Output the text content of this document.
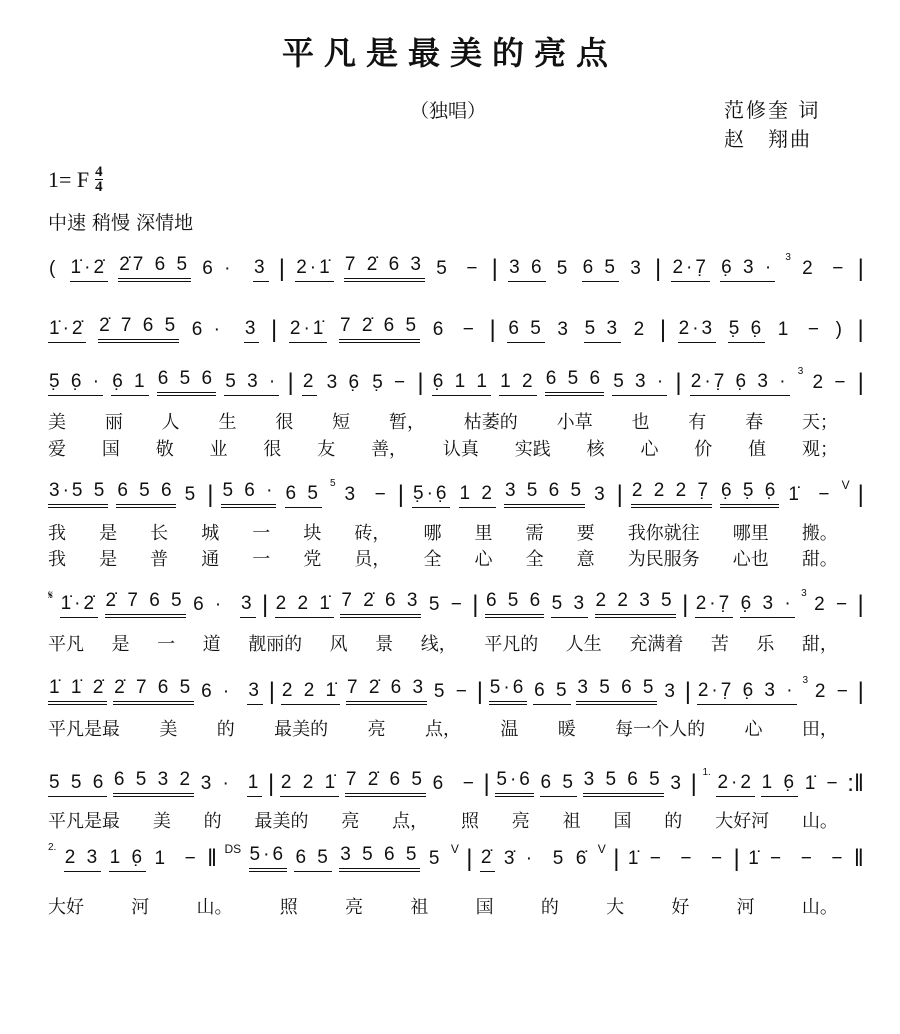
平凡是最美的亮点
（独唱）	范修奎 词
赵　翔曲
1= F 4
4
中速 稍慢 深情地
( 1̇·2̇ 2̇7 6 5 6 · 3 | 2·1̇ 7 2̇ 6 3 5  − | 3 6 5 6 5 3 | 2·7̣ 6̣ 3 · 3
2  − |
1̇·2̇ 2̇ 7 6 5 6 · 3 | 2·1̇ 7 2̇ 6 5 6  − | 6 5 3 5 3 2 | 2·3 5̣ 6̣ 1  − ) |
5̣ 6̣ · 6̣ 1 6 5 6 5 3 · | 2 3 6̣ 5̣ − | 6̣ 1 1 1 2 6 5 6 5 3 · | 2·7̣ 6̣ 3 · 3
2 − |
3·5 5 6 5 6 5 | 5 6 · 6 5 5
3  − | 5̣·6̣ 1 2 3 5 6 5 3 | 2 2 2 7̣ 6̣ 5̣ 6̣ 1̇  − V |
𝄋 1̇·2̇ 2̇ 7 6 5 6 · 3 | 2 2 1̇ 7 2̇ 6 3 5 − | 6 5 6 5 3 2 2 3 5 | 2·7̣ 6̣ 3 · 3
2 − |
1̇ 1̇ 2̇ 2̇ 7 6 5 6 · 3 | 2 2 1̇ 7 2̇ 6 3 5 − | 5·6 6 5 3 5 6 5 3 | 2·7̣ 6̣ 3 · 3
2 − |
5 5 6 6 5 3 2 3 · 1 | 2 2 1̇ 7 2̇ 6 5 6  − | 5·6 6 5 3 5 6 5 3 | 1. 2·2 1 6̣ 1̇ − :‖
2. 2 3 1 6̣ 1  − ‖ DS 5·6 6 5 3 5 6 5 5 V | 2̇ 3̇ · 5 6̇ V | 1̇ −  −  − | 1̇ −  −  − ‖
美 丽 人 生 很 短 暂， 枯萎的 小草 也 有 春 天；
爱 国 敬 业 很 友 善， 认真 实践 核 心 价 值 观；
我 是 长 城 一 块 砖， 哪 里 需 要 我你就往 哪里 搬。
我 是 普 通 一 党 员， 全 心 全 意 为民服务 心也 甜。
平凡 是 一 道 靓丽的 风 景 线， 平凡的 人生 充满着 苦 乐 甜，
平凡是最 美 的 最美的 亮 点， 温 暖 每一个人的 心 田，
平凡是最 美 的 最美的 亮 点， 照 亮 祖 国 的 大好河 山。
大好	河	山。	照	亮	祖	国	的	大	好	河	山。
